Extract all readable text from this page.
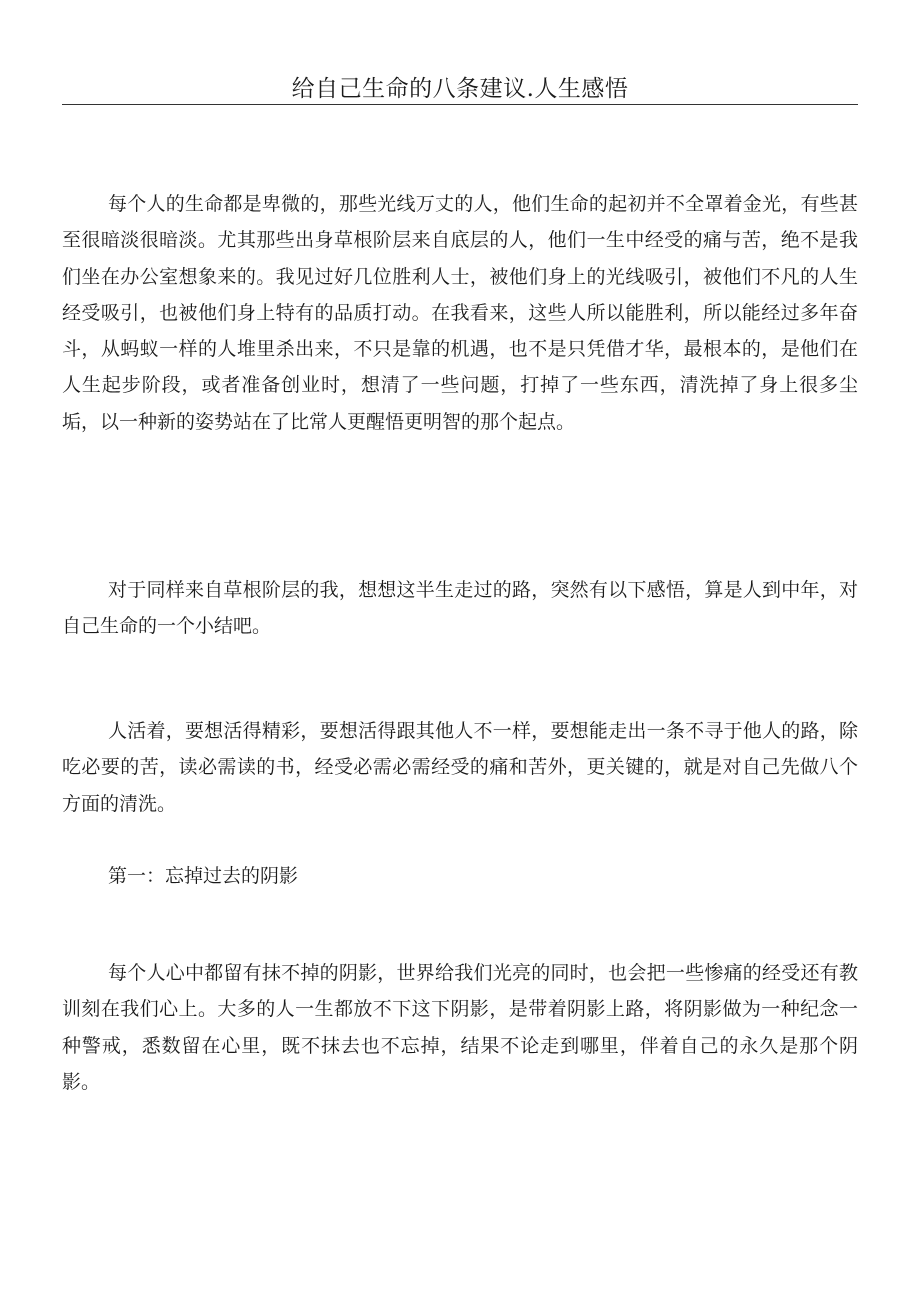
给自己生命的八条建议.人生感悟

每个人的生命都是卑微的，那些光线万丈的人，他们生命的起初并不全罩着金光，有些甚至很暗淡很暗淡。尤其那些出身草根阶层来自底层的人，他们一生中经受的痛与苦，绝不是我们坐在办公室想象来的。我见过好几位胜利人士，被他们身上的光线吸引，被他们不凡的人生经受吸引，也被他们身上特有的品质打动。在我看来，这些人所以能胜利，所以能经过多年奋斗，从蚂蚁一样的人堆里杀出来，不只是靠的机遇，也不是只凭借才华，最根本的，是他们在人生起步阶段，或者准备创业时，想清了一些问题，打掉了一些东西，清洗掉了身上很多尘垢，以一种新的姿势站在了比常人更醒悟更明智的那个起点。

对于同样来自草根阶层的我，想想这半生走过的路，突然有以下感悟，算是人到中年，对自己生命的一个小结吧。

人活着，要想活得精彩，要想活得跟其他人不一样，要想能走出一条不寻于他人的路，除吃必要的苦，读必需读的书，经受必需必需经受的痛和苦外，更关键的，就是对自己先做八个方面的清洗。

第一：忘掉过去的阴影

每个人心中都留有抹不掉的阴影，世界给我们光亮的同时，也会把一些惨痛的经受还有教训刻在我们心上。大多的人一生都放不下这下阴影，是带着阴影上路，将阴影做为一种纪念一种警戒，悉数留在心里，既不抹去也不忘掉，结果不论走到哪里，伴着自己的永久是那个阴影。
